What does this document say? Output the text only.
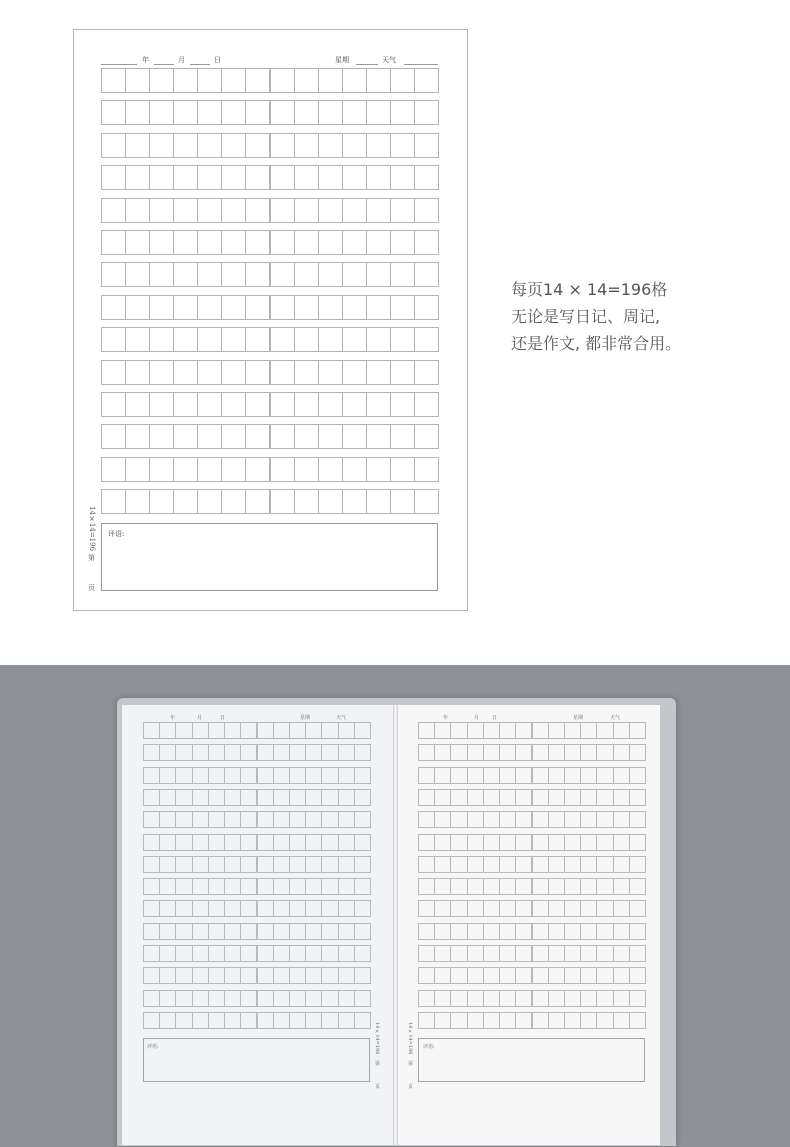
年	月	日	星期	天气
评语:
14×14=196
第
页
每页14 × 14=196格
无论是写日记、周记,
还是作文, 都非常合用。
年	月	日	星期	天气
评语:	14×14=196
第
页
年	月	日	星期	天气
评语:
14×14=196
第
页
